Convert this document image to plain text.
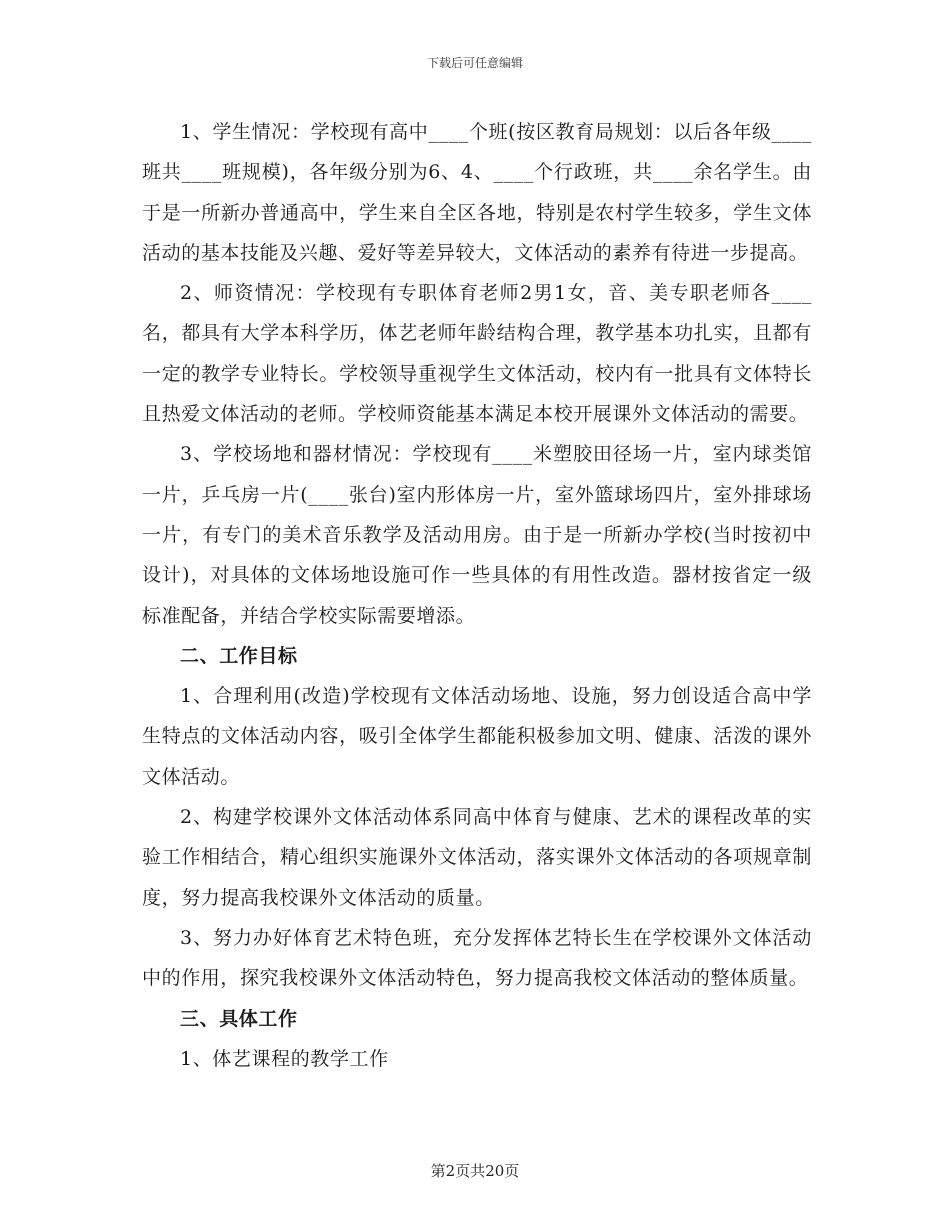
下载后可任意编辑

1、学生情况：学校现有高中____个班(按区教育局规划：以后各年级____班共____班规模)，各年级分别为6、4、____个行政班，共____余名学生。由于是一所新办普通高中，学生来自全区各地，特别是农村学生较多，学生文体活动的基本技能及兴趣、爱好等差异较大，文体活动的素养有待进一步提高。

2、师资情况：学校现有专职体育老师2男1女，音、美专职老师各____名，都具有大学本科学历，体艺老师年龄结构合理，教学基本功扎实，且都有一定的教学专业特长。学校领导重视学生文体活动，校内有一批具有文体特长且热爱文体活动的老师。学校师资能基本满足本校开展课外文体活动的需要。

3、学校场地和器材情况：学校现有____米塑胶田径场一片，室内球类馆一片，乒乓房一片(____张台)室内形体房一片，室外篮球场四片，室外排球场一片，有专门的美术音乐教学及活动用房。由于是一所新办学校(当时按初中设计)，对具体的文体场地设施可作一些具体的有用性改造。器材按省定一级标准配备，并结合学校实际需要增添。

二、工作目标

1、合理利用(改造)学校现有文体活动场地、设施，努力创设适合高中学生特点的文体活动内容，吸引全体学生都能积极参加文明、健康、活泼的课外文体活动。

2、构建学校课外文体活动体系同高中体育与健康、艺术的课程改革的实验工作相结合，精心组织实施课外文体活动，落实课外文体活动的各项规章制度，努力提高我校课外文体活动的质量。

3、努力办好体育艺术特色班，充分发挥体艺特长生在学校课外文体活动中的作用，探究我校课外文体活动特色，努力提高我校文体活动的整体质量。

三、具体工作

1、体艺课程的教学工作

第2页共20页
